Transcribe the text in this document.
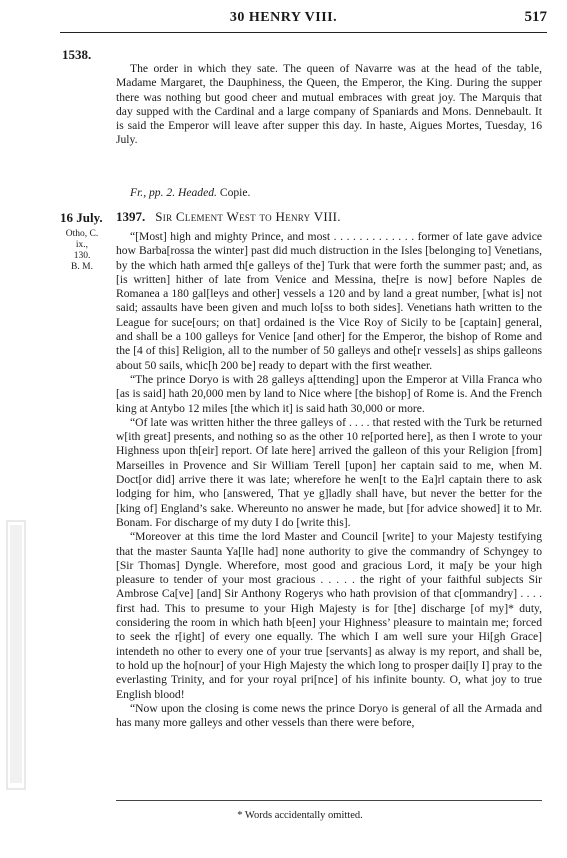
30 HENRY VIII.	517
1538.

The order in which they sate. The queen of Navarre was at the head of the table, Madame Margaret, the Dauphiness, the Queen, the Emperor, the King. During the supper there was nothing but good cheer and mutual embraces with great joy. The Marquis that day supped with the Cardinal and a large company of Spaniards and Mons. Dennebault. It is said the Emperor will leave after supper this day. In haste, Aigues Mortes, Tuesday, 16 July.

Fr., pp. 2. Headed. Copie.
16 July.
Otho, C. ix.,
130.
B. M.
1397. Sir Clement West to Henry VIII.

“[Most] high and mighty Prince, and most . . . . . . . . . . . . . former of late gave advice how Barba[rossa the winter] past did much distruction in the Isles [belonging to] Venetians, by the which hath armed th[e galleys of the] Turk that were forth the summer past; and, as [is written] hither of late from Venice and Messina, the[re is now] before Naples de Romanea a 180 gal[leys and other] vessels a 120 and by land a great number, [what is] not said; assaults have been given and much lo[ss to both sides]. Venetians hath written to the League for suce[ours; on that] ordained is the Vice Roy of Sicily to be [captain] general, and shall be a 100 galleys for Venice [and other] for the Emperor, the bishop of Rome and the [4 of this] Religion, all to the number of 50 galleys and othe[r vessels] as ships galleons about 50 sails, whic[h 200 be] ready to depart with the first weather.

“The prince Doryo is with 28 galleys a[ttending] upon the Emperor at Villa Franca who [as is said] hath 20,000 men by land to Nice where [the bishop] of Rome is. And the French king at Antybo 12 miles [the which it] is said hath 30,000 or more.

“Of late was written hither the three galleys of . . . . that rested with the Turk be returned w[ith great] presents, and nothing so as the other 10 re[ported here], as then I wrote to your Highness upon th[eir] report. Of late here] arrived the galleon of this your Religion [from] Marseilles in Provence and Sir William Terell [upon] her captain said to me, when M. Doct[or did] arrive there it was late; wherefore he wen[t to the Ea]rl captain there to ask lodging for him, who [answered, That ye g]ladly shall have, but never the better for the [king of] England’s sake. Whereunto no answer he made, but [for advice showed] it to Mr. Bonam. For discharge of my duty I do [write this].

“Moreover at this time the lord Master and Council [write] to your Majesty testifying that the master Saunta Ya[lle had] none authority to give the commandry of Schyngey to [Sir Thomas] Dyngle. Wherefore, most good and gracious Lord, it ma[y be your high pleasure to tender of your most gracious . . . . . the right of your faithful subjects Sir Ambrose Ca[ve] [and] Sir Anthony Rogerys who hath provision of that c[ommandry] . . . . first had. This to presume to your High Majesty is for [the] discharge [of my]* duty, considering the room in which hath b[een] your Highness’ pleasure to maintain me; forced to seek the r[ight] of every one equally. The which I am well sure your Hi[gh Grace] intendeth no other to every one of your true [servants] as alway is my report, and shall be, to hold up the ho[nour] of your High Majesty the which long to prosper dai[ly I] pray to the everlasting Trinity, and for your royal pri[nce] of his infinite bounty. O, what joy to true English blood!

“Now upon the closing is come news the prince Doryo is general of all the Armada and has many more galleys and other vessels than there were before,

* Words accidentally omitted.
